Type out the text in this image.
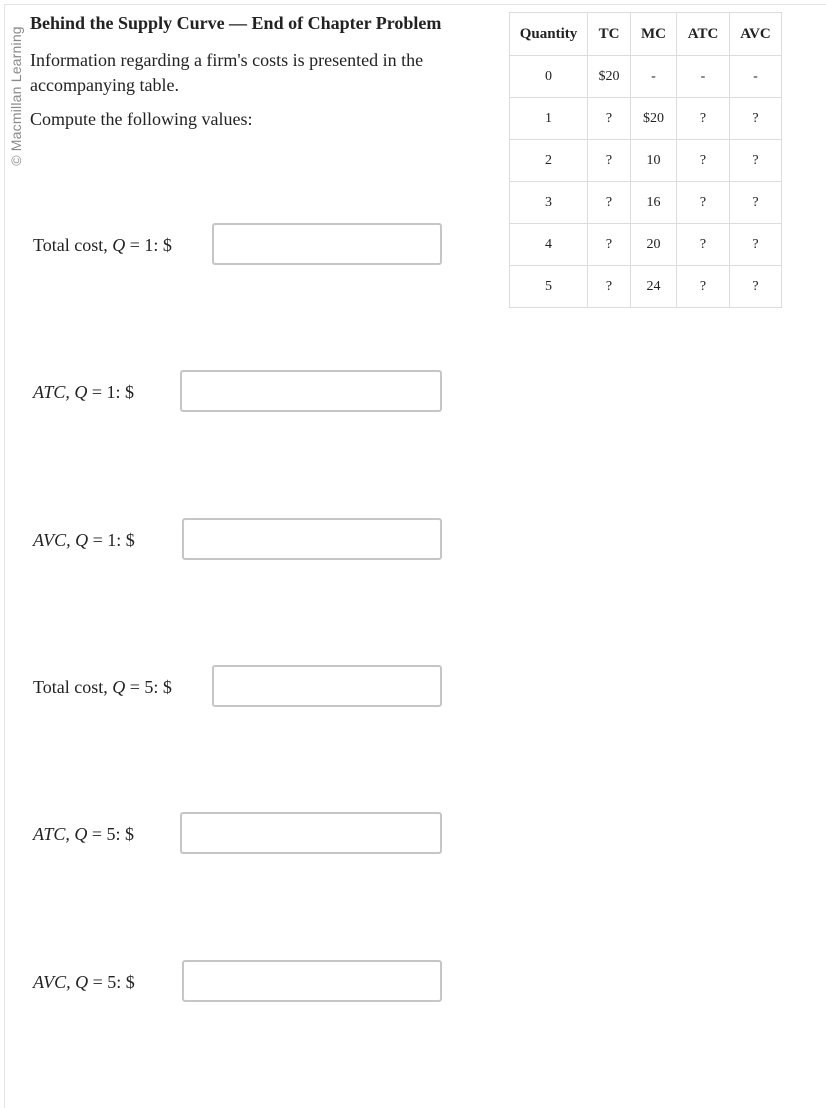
© Macmillan Learning
Behind the Supply Curve — End of Chapter Problem
Information regarding a firm's costs is presented in the accompanying table.
Compute the following values:
Total cost, Q = 1: $
ATC, Q = 1: $
AVC, Q = 1: $
Total cost, Q = 5: $
ATC, Q = 5: $
AVC, Q = 5: $
Quantity	TC	MC	ATC	AVC
0	$20	-	-	-
1	?	$20	?	?
2	?	10	?	?
3	?	16	?	?
4	?	20	?	?
5	?	24	?	?
